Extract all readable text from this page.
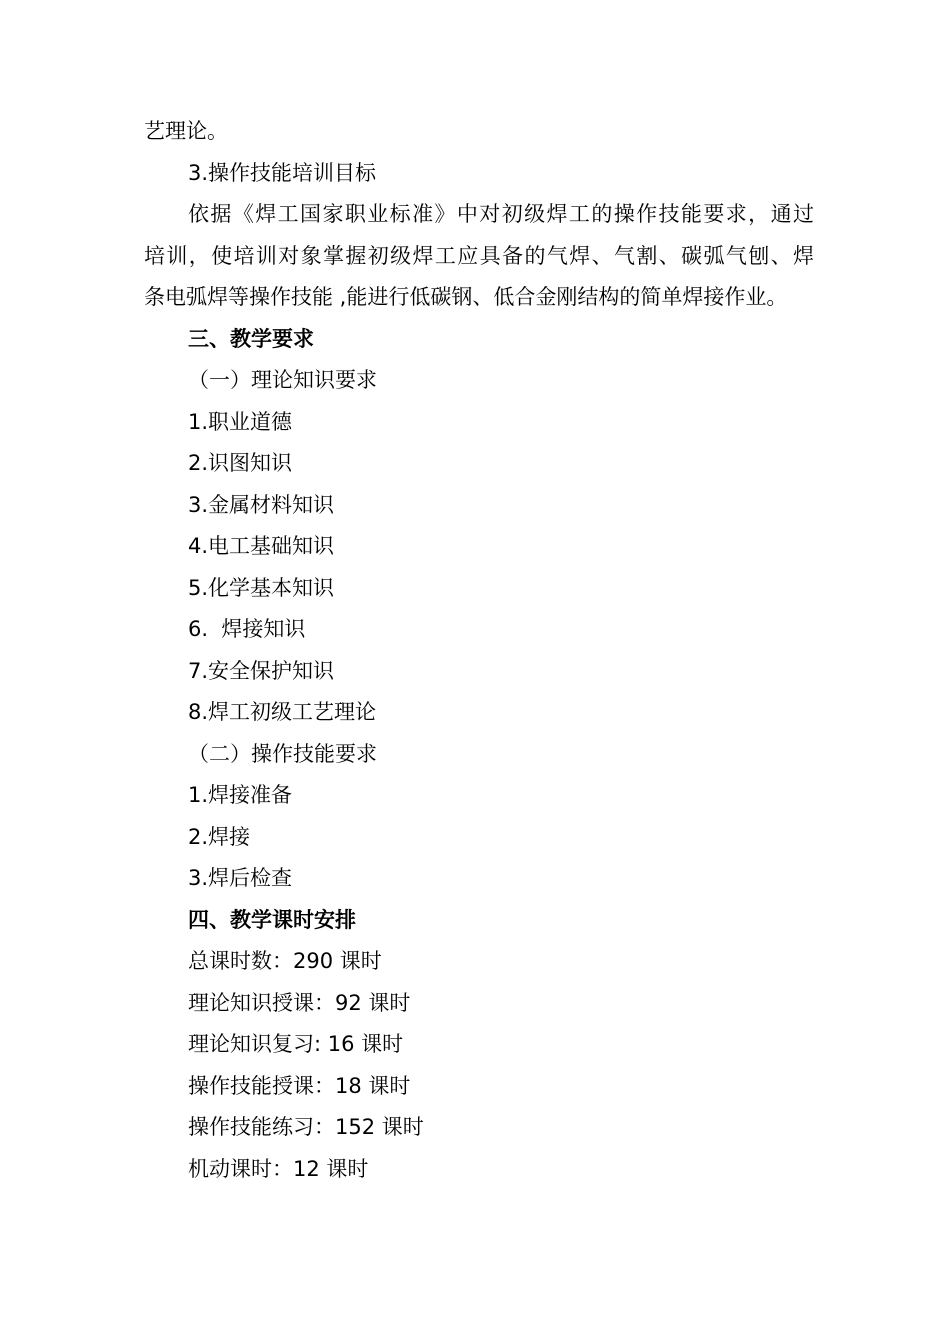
艺理论。
3.操作技能培训目标
依据《焊工国家职业标准》中对初级焊工的操作技能要求，通过
培训，使培训对象掌握初级焊工应具备的气焊、气割、碳弧气刨、焊
条电弧焊等操作技能 ,能进行低碳钢、低合金刚结构的简单焊接作业。
三、教学要求
（一）理论知识要求
1.职业道德
2.识图知识
3.金属材料知识
4.电工基础知识
5.化学基本知识
6.  焊接知识
7.安全保护知识
8.焊工初级工艺理论
（二）操作技能要求
1.焊接准备
2.焊接
3.焊后检查
四、教学课时安排
总课时数：290 课时
理论知识授课：92 课时
理论知识复习: 16 课时
操作技能授课：18 课时
操作技能练习：152 课时
机动课时：12 课时
